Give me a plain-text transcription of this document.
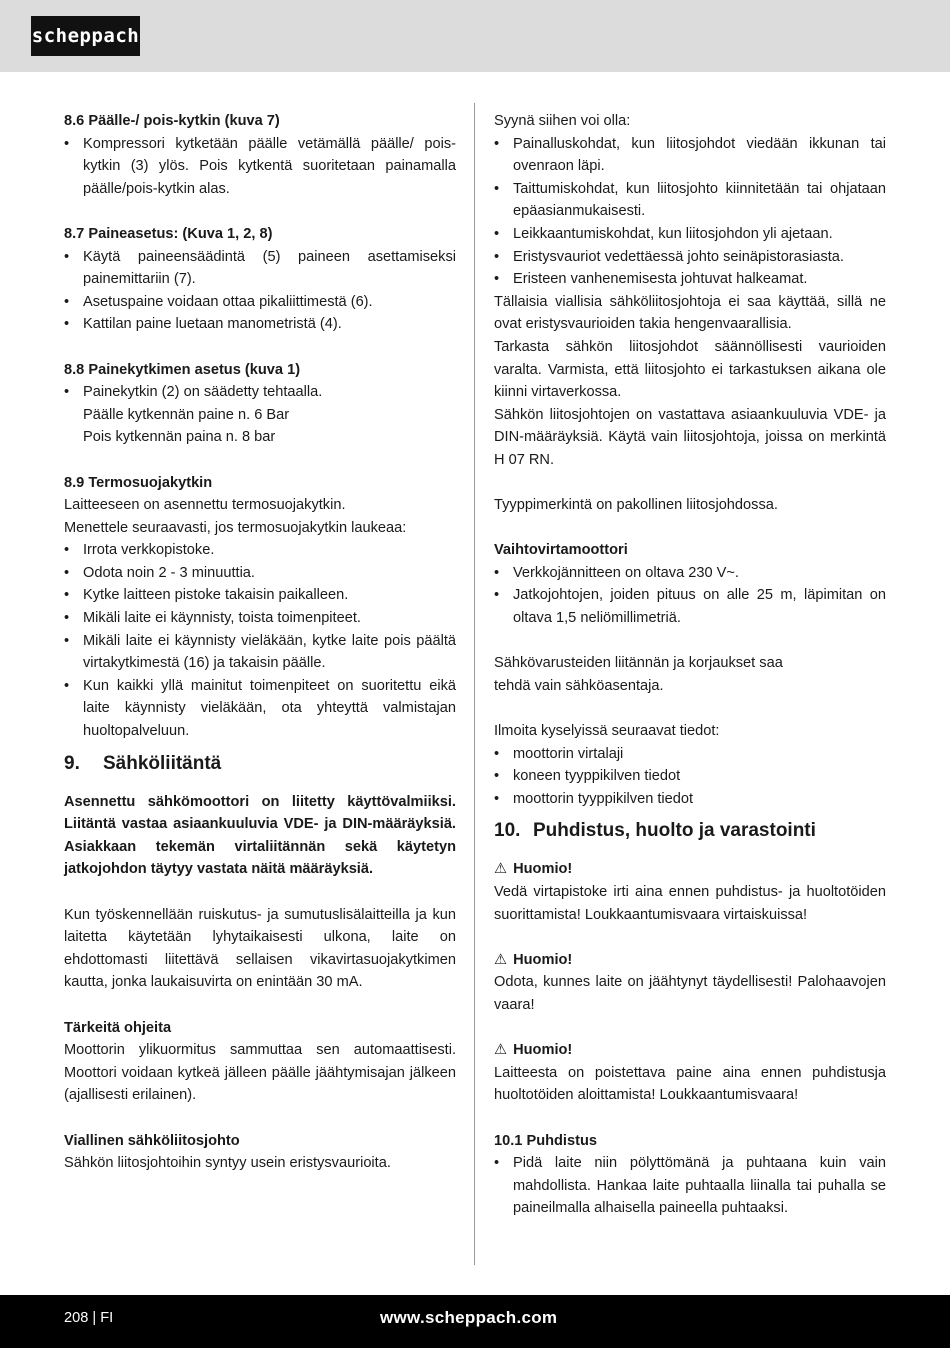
scheppach

8.6 Päälle-/ pois-kytkin (kuva 7)

• Kompressori kytketään päälle vetämällä päälle/ pois-kytkin (3) ylös. Pois kytkentä suoritetaan painamalla päälle/pois-kytkin alas.

8.7 Paineasetus: (Kuva 1, 2, 8)

• Käytä paineensäädintä (5) paineen asettamiseksi painemittariin (7).
• Asetuspaine voidaan ottaa pikaliittimestä (6).
• Kattilan paine luetaan manometristä (4).

8.8 Painekytkimen asetus (kuva 1)

• Painekytkin (2) on säädetty tehtaalla.

Päälle kytkennän paine n. 6 Bar

Pois kytkennän paina n. 8 bar

8.9 Termosuojakytkin

Laitteeseen on asennettu termosuojakytkin.

Menettele seuraavasti, jos termosuojakytkin laukeaa:

• Irrota verkkopistoke.
• Odota noin 2 - 3 minuuttia.
• Kytke laitteen pistoke takaisin paikalleen.
• Mikäli laite ei käynnisty, toista toimenpiteet.
• Mikäli laite ei käynnisty vieläkään, kytke laite pois päältä virtakytkimestä (16) ja takaisin päälle.
• Kun kaikki yllä mainitut toimenpiteet on suoritettu eikä laite käynnisty vieläkään, ota yhteyttä valmistajan huoltopalveluun.
9.	Sähköliitäntä

Asennettu sähkömoottori on liitetty käyttövalmiiksi. Liitäntä vastaa asiaankuuluvia VDE- ja DIN-määräyksiä. Asiakkaan tekemän virtaliitännän sekä käytetyn jatkojohdon täytyy vastata näitä määräyksiä.

Kun työskennellään ruiskutus- ja sumutuslisälaitteilla ja kun laitetta käytetään lyhytaikaisesti ulkona, laite on ehdottomasti liitettävä sellaisen vikavirtasuojakytkimen kautta, jonka laukaisuvirta on enintään 30 mA.

Tärkeitä ohjeita

Moottorin ylikuormitus sammuttaa sen automaattisesti. Moottori voidaan kytkeä jälleen päälle jäähtymisajan jälkeen (ajallisesti erilainen).

Viallinen sähköliitosjohto

Sähkön liitosjohtoihin syntyy usein eristysvaurioita.

Syynä siihen voi olla:

• Painalluskohdat, kun liitosjohdot viedään ikkunan tai ovenraon läpi.
• Taittumiskohdat, kun liitosjohto kiinnitetään tai ohjataan epäasianmukaisesti.
• Leikkaantumiskohdat, kun liitosjohdon yli ajetaan.
• Eristysvauriot vedettäessä johto seinäpistorasiasta.
• Eristeen vanhenemisesta johtuvat halkeamat.

Tällaisia viallisia sähköliitosjohtoja ei saa käyttää, sillä ne ovat eristysvaurioiden takia hengenvaarallisia.

Tarkasta sähkön liitosjohdot säännöllisesti vaurioiden varalta. Varmista, että liitosjohto ei tarkastuksen aikana ole kiinni virtaverkossa.

Sähkön liitosjohtojen on vastattava asiaankuuluvia VDE- ja DIN-määräyksiä. Käytä vain liitosjohtoja, joissa on merkintä H 07 RN.

Tyyppimerkintä on pakollinen liitosjohdossa.

Vaihtovirtamoottori

• Verkkojännitteen on oltava 230 V~.
• Jatkojohtojen, joiden pituus on alle 25 m, läpimitan on oltava 1,5 neliömillimetriä.

Sähkövarusteiden liitännän ja korjaukset saa

tehdä vain sähköasentaja.

Ilmoita kyselyissä seuraavat tiedot:

• moottorin virtalaji
• koneen tyyppikilven tiedot
• moottorin tyyppikilven tiedot
10. Puhdistus, huolto ja varastointi

⚠ Huomio!

Vedä virtapistoke irti aina ennen puhdistus- ja huoltotöiden suorittamista! Loukkaantumisvaara virtaiskuissa!

⚠ Huomio!

Odota, kunnes laite on jäähtynyt täydellisesti! Palohaavojen vaara!

⚠ Huomio!

Laitteesta on poistettava paine aina ennen puhdistusja huoltotöiden aloittamista! Loukkaantumisvaara!

10.1 Puhdistus

• Pidä laite niin pölyttömänä ja puhtaana kuin vain mahdollista. Hankaa laite puhtaalla liinalla tai puhalla se paineilmalla alhaisella paineella puhtaaksi.
208 | FI	www.scheppach.com
